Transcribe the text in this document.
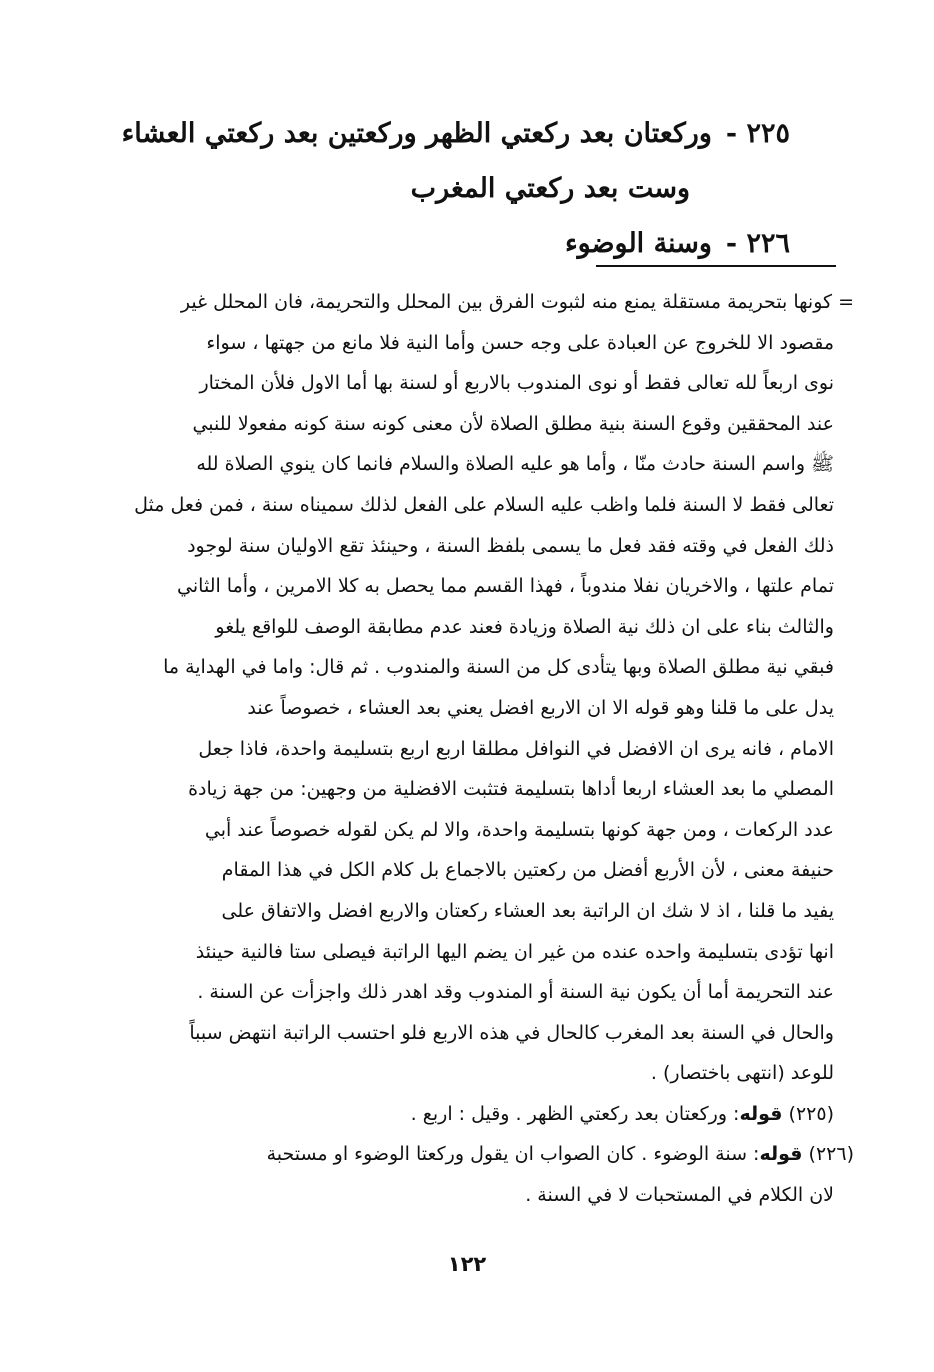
٢٢٥ -وركعتان بعد ركعتي الظهر وركعتين بعد ركعتي العشاء
وست بعد ركعتي المغرب
٢٢٦ -وسنة الوضوء
=كونها بتحريمة مستقلة يمنع منه لثبوت الفرق بين المحلل والتحريمة، فان المحلل غير
مقصود الا للخروج عن العبادة على وجه حسن وأما النية فلا مانع من جهتها ، سواء
نوى اربعاً لله تعالى فقط أو نوى المندوب بالاربع أو لسنة بها أما الاول فلأن المختار
عند المحققين وقوع السنة بنية مطلق الصلاة لأن معنى كونه سنة كونه مفعولا للنبي
ﷺ واسم السنة حادث منّا ، وأما هو عليه الصلاة والسلام فانما كان ينوي الصلاة لله
تعالى فقط لا السنة فلما واظب عليه السلام على الفعل لذلك سميناه سنة ، فمن فعل مثل
ذلك الفعل في وقته فقد فعل ما يسمى بلفظ السنة ، وحينئذ تقع الاوليان سنة لوجود
تمام علتها ، والاخريان نفلا مندوباً ، فهذا القسم مما يحصل به كلا الامرين ، وأما الثاني
والثالث بناء على ان ذلك نية الصلاة وزيادة فعند عدم مطابقة الوصف للواقع يلغو
فبقي نية مطلق الصلاة وبها يتأدى كل من السنة والمندوب . ثم قال: واما في الهداية ما
يدل على ما قلنا وهو قوله الا ان الاربع افضل يعني بعد العشاء ، خصوصاً عند
الامام ، فانه يرى ان الافضل في النوافل مطلقا اربع اربع بتسليمة واحدة، فاذا جعل
المصلي ما بعد العشاء اربعا أداها بتسليمة فتثبت الافضلية من وجهين: من جهة زيادة
عدد الركعات ، ومن جهة كونها بتسليمة واحدة، والا لم يكن لقوله خصوصاً عند أبي
حنيفة معنى ، لأن الأربع أفضل من ركعتين بالاجماع بل كلام الكل في هذا المقام
يفيد ما قلنا ، اذ لا شك ان الراتبة بعد العشاء ركعتان والاربع افضل والاتفاق على
انها تؤدى بتسليمة واحده عنده من غير ان يضم اليها الراتبة فيصلى ستا فالنية حينئذ
عند التحريمة أما أن يكون نية السنة أو المندوب وقد اهدر ذلك واجزأت عن السنة .
والحال في السنة بعد المغرب كالحال في هذه الاربع فلو احتسب الراتبة انتهض سبباً
للوعد (انتهى باختصار) .
(٢٢٥) قوله: وركعتان بعد ركعتي الظهر . وقيل : اربع .
(٢٢٦) قوله: سنة الوضوء . كان الصواب ان يقول وركعتا الوضوء او مستحبة
لان الكلام في المستحبات لا في السنة .
١٢٢
